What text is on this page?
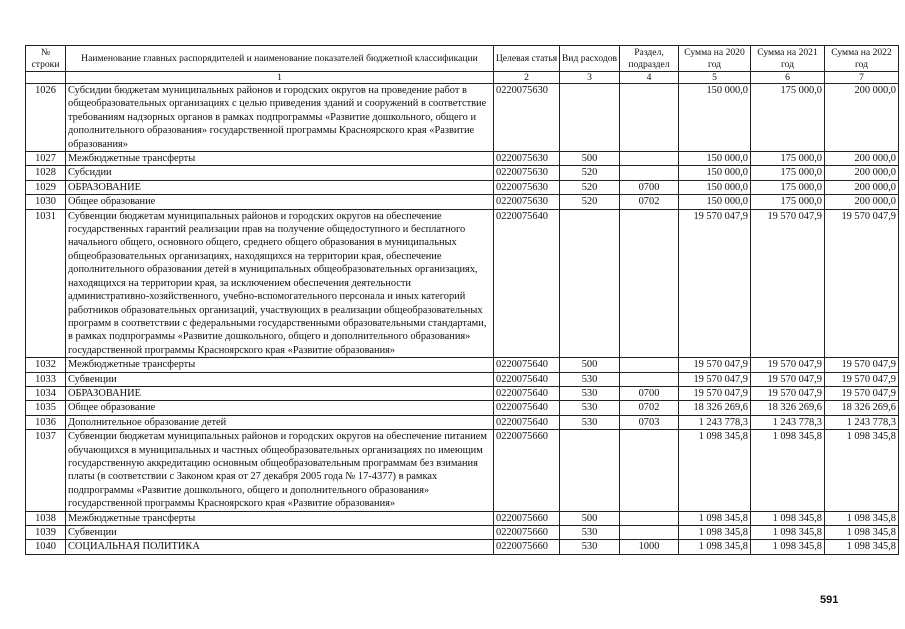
№ строки	Наименование главных распорядителей и наименование показателей бюджетной классификации	Целевая статья	Вид расходов	Раздел, подраздел	Сумма на 2020 год	Сумма на 2021 год	Сумма на 2022 год
	1	2	3	4	5	6	7
1026	Субсидии бюджетам муниципальных районов и городских округов на проведение работ в общеобразовательных организациях с целью приведения зданий и сооружений в соответствие требованиям надзорных органов в рамках подпрограммы «Развитие дошкольного, общего и дополнительного образования» государственной программы Красноярского края «Развитие образования»	0220075630			150 000,0	175 000,0	200 000,0
1027	Межбюджетные трансферты	0220075630	500		150 000,0	175 000,0	200 000,0
1028	Субсидии	0220075630	520		150 000,0	175 000,0	200 000,0
1029	ОБРАЗОВАНИЕ	0220075630	520	0700	150 000,0	175 000,0	200 000,0
1030	Общее образование	0220075630	520	0702	150 000,0	175 000,0	200 000,0
1031	Субвенции бюджетам муниципальных районов и городских округов на обеспечение государственных гарантий реализации прав на получение общедоступного и бесплатного начального общего, основного общего, среднего общего образования в муниципальных общеобразовательных организациях, находящихся на территории края, обеспечение дополнительного образования детей в муниципальных общеобразовательных организациях, находящихся на территории края, за исключением обеспечения деятельности административно-хозяйственного, учебно-вспомогательного персонала и иных категорий работников образовательных организаций, участвующих в реализации общеобразовательных программ в соответствии с федеральными государственными образовательными стандартами, в рамках подпрограммы «Развитие дошкольного, общего и дополнительного образования» государственной программы Красноярского края «Развитие образования»	0220075640			19 570 047,9	19 570 047,9	19 570 047,9
1032	Межбюджетные трансферты	0220075640	500		19 570 047,9	19 570 047,9	19 570 047,9
1033	Субвенции	0220075640	530		19 570 047,9	19 570 047,9	19 570 047,9
1034	ОБРАЗОВАНИЕ	0220075640	530	0700	19 570 047,9	19 570 047,9	19 570 047,9
1035	Общее образование	0220075640	530	0702	18 326 269,6	18 326 269,6	18 326 269,6
1036	Дополнительное образование детей	0220075640	530	0703	1 243 778,3	1 243 778,3	1 243 778,3
1037	Субвенции бюджетам муниципальных районов и городских округов на обеспечение питанием обучающихся в муниципальных и частных общеобразовательных организациях по имеющим государственную аккредитацию основным общеобразовательным программам без взимания платы (в соответствии с Законом края от 27 декабря 2005 года № 17-4377) в рамках подпрограммы «Развитие дошкольного, общего и дополнительного образования» государственной программы Красноярского края «Развитие образования»	0220075660			1 098 345,8	1 098 345,8	1 098 345,8
1038	Межбюджетные трансферты	0220075660	500		1 098 345,8	1 098 345,8	1 098 345,8
1039	Субвенции	0220075660	530		1 098 345,8	1 098 345,8	1 098 345,8
1040	СОЦИАЛЬНАЯ ПОЛИТИКА	0220075660	530	1000	1 098 345,8	1 098 345,8	1 098 345,8
591
